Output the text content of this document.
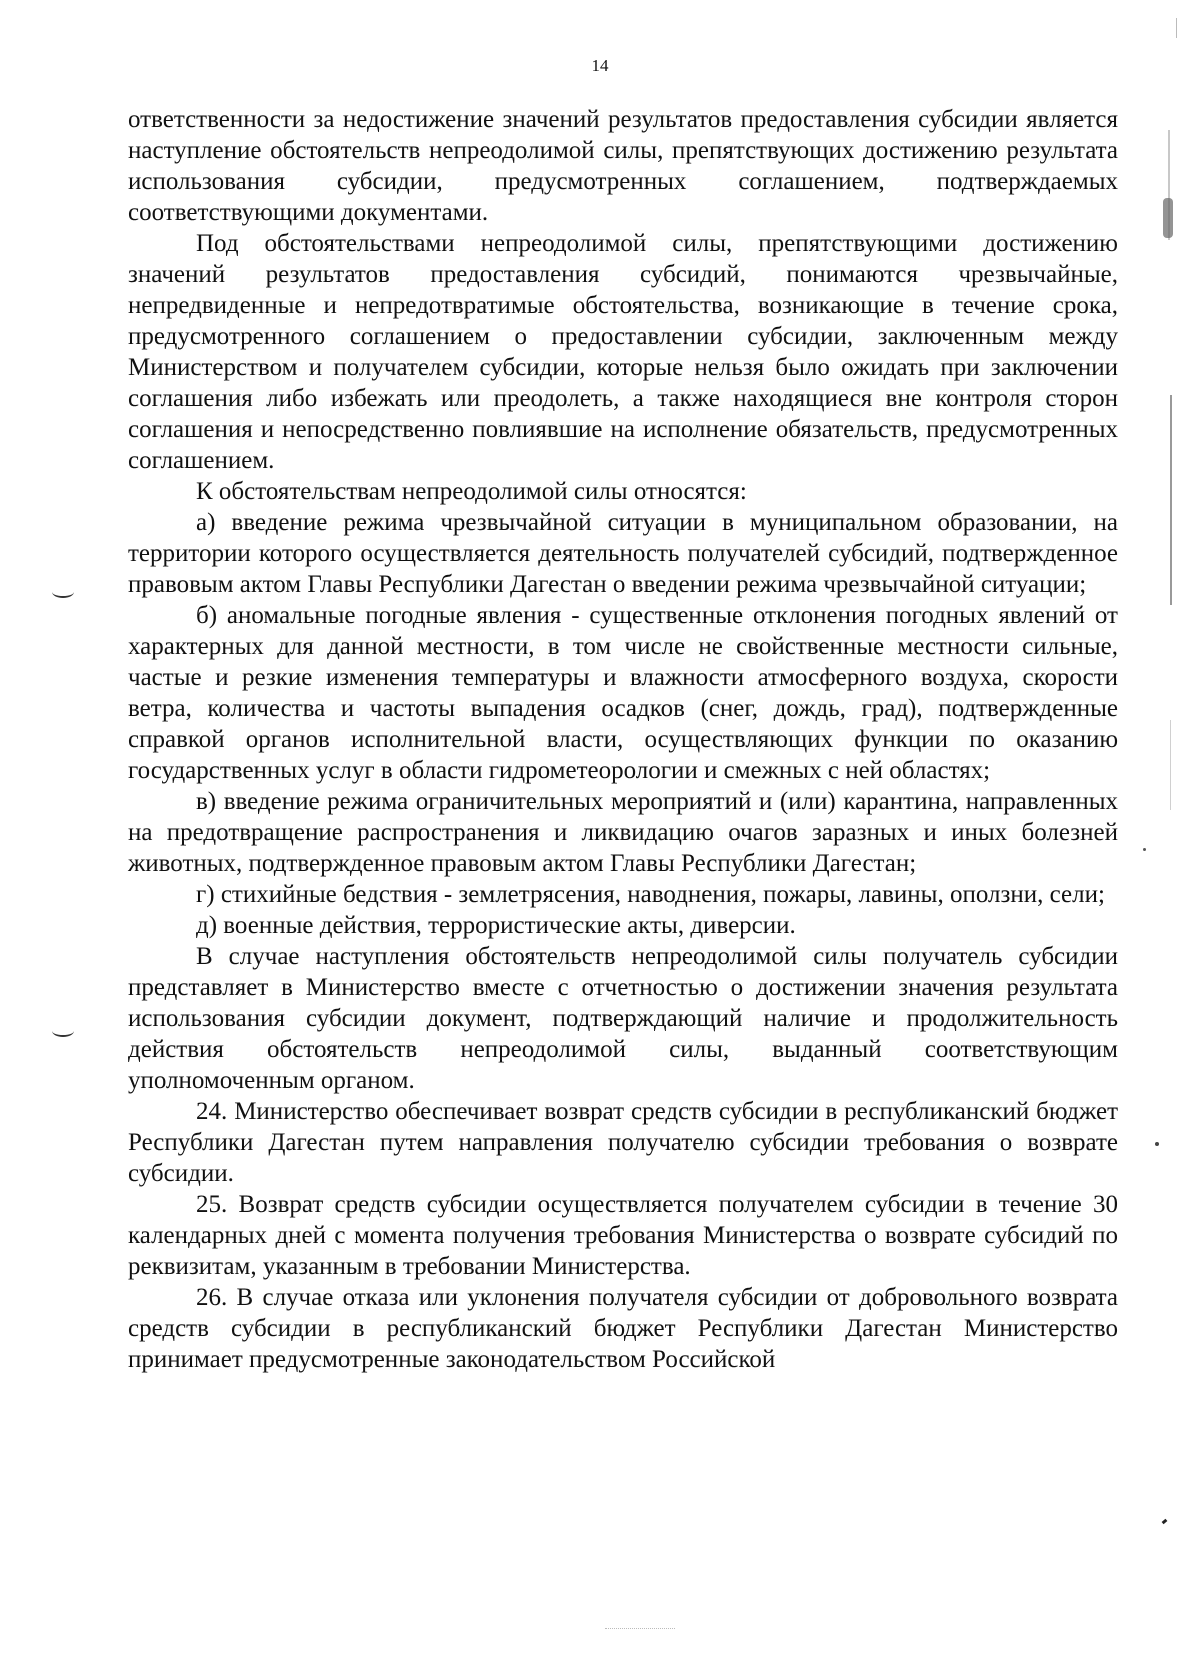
14

ответственности за недостижение значений результатов предоставления субсидии является наступление обстоятельств непреодолимой силы, препятствующих достижению результата использования субсидии, предусмотренных соглашением, подтверждаемых соответствующими документами.

Под обстоятельствами непреодолимой силы, препятствующими достижению значений результатов предоставления субсидий, понимаются чрезвычайные, непредвиденные и непредотвратимые обстоятельства, возникающие в течение срока, предусмотренного соглашением о предоставлении субсидии, заключенным между Министерством и получателем субсидии, которые нельзя было ожидать при заключении соглашения либо избежать или преодолеть, а также находящиеся вне контроля сторон соглашения и непосредственно повлиявшие на исполнение обязательств, предусмотренных соглашением.

К обстоятельствам непреодолимой силы относятся:

а) введение режима чрезвычайной ситуации в муниципальном образовании, на территории которого осуществляется деятельность получателей субсидий, подтвержденное правовым актом Главы Республики Дагестан о введении режима чрезвычайной ситуации;

б) аномальные погодные явления - существенные отклонения погодных явлений от характерных для данной местности, в том числе не свойственные местности сильные, частые и резкие изменения температуры и влажности атмосферного воздуха, скорости ветра, количества и частоты выпадения осадков (снег, дождь, град), подтвержденные справкой органов исполнительной власти, осуществляющих функции по оказанию государственных услуг в области гидрометеорологии и смежных с ней областях;

в) введение режима ограничительных мероприятий и (или) карантина, направленных на предотвращение распространения и ликвидацию очагов заразных и иных болезней животных, подтвержденное правовым актом Главы Республики Дагестан;

г) стихийные бедствия - землетрясения, наводнения, пожары, лавины, оползни, сели;

д) военные действия, террористические акты, диверсии.

В случае наступления обстоятельств непреодолимой силы получатель субсидии представляет в Министерство вместе с отчетностью о достижении значения результата использования субсидии документ, подтверждающий наличие и продолжительность действия обстоятельств непреодолимой силы, выданный соответствующим уполномоченным органом.

24. Министерство обеспечивает возврат средств субсидии в республиканский бюджет Республики Дагестан путем направления получателю субсидии требования о возврате субсидии.

25. Возврат средств субсидии осуществляется получателем субсидии в течение 30 календарных дней с момента получения требования Министерства о возврате субсидий по реквизитам, указанным в требовании Министерства.

26. В случае отказа или уклонения получателя субсидии от добровольного возврата средств субсидии в республиканский бюджет Республики Дагестан Министерство принимает предусмотренные законодательством Российской
